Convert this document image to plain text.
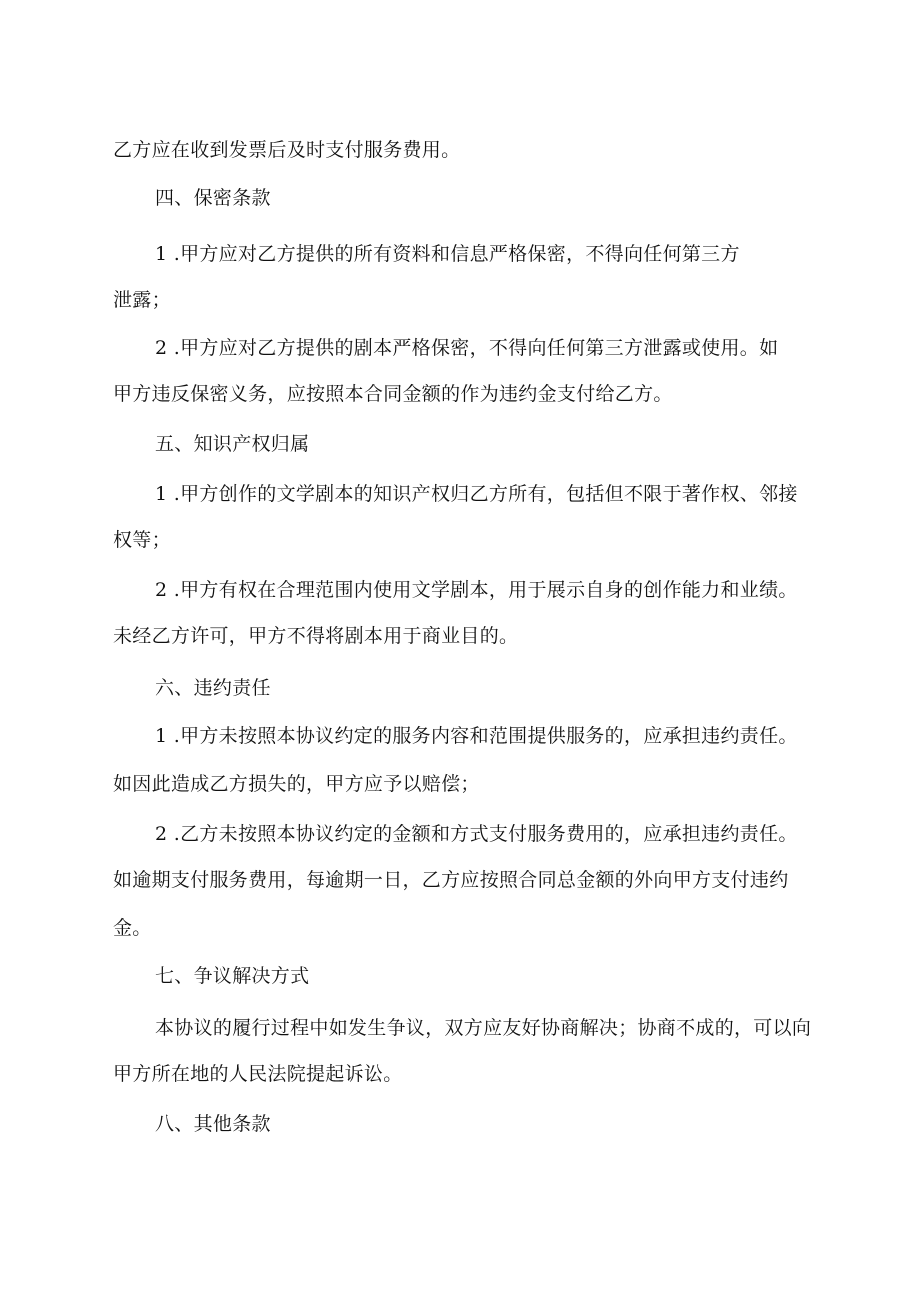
乙方应在收到发票后及时支付服务费用。
四、保密条款
1 .甲方应对乙方提供的所有资料和信息严格保密，不得向任何第三方
泄露；
2 .甲方应对乙方提供的剧本严格保密，不得向任何第三方泄露或使用。如
甲方违反保密义务，应按照本合同金额的作为违约金支付给乙方。
五、知识产权归属
1 .甲方创作的文学剧本的知识产权归乙方所有，包括但不限于著作权、邻接
权等；
2 .甲方有权在合理范围内使用文学剧本，用于展示自身的创作能力和业绩。
未经乙方许可，甲方不得将剧本用于商业目的。
六、违约责任
1 .甲方未按照本协议约定的服务内容和范围提供服务的，应承担违约责任。
如因此造成乙方损失的，甲方应予以赔偿；
2 .乙方未按照本协议约定的金额和方式支付服务费用的，应承担违约责任。
如逾期支付服务费用，每逾期一日，乙方应按照合同总金额的外向甲方支付违约
金。
七、争议解决方式
本协议的履行过程中如发生争议，双方应友好协商解决；协商不成的，可以向
甲方所在地的人民法院提起诉讼。
八、其他条款
